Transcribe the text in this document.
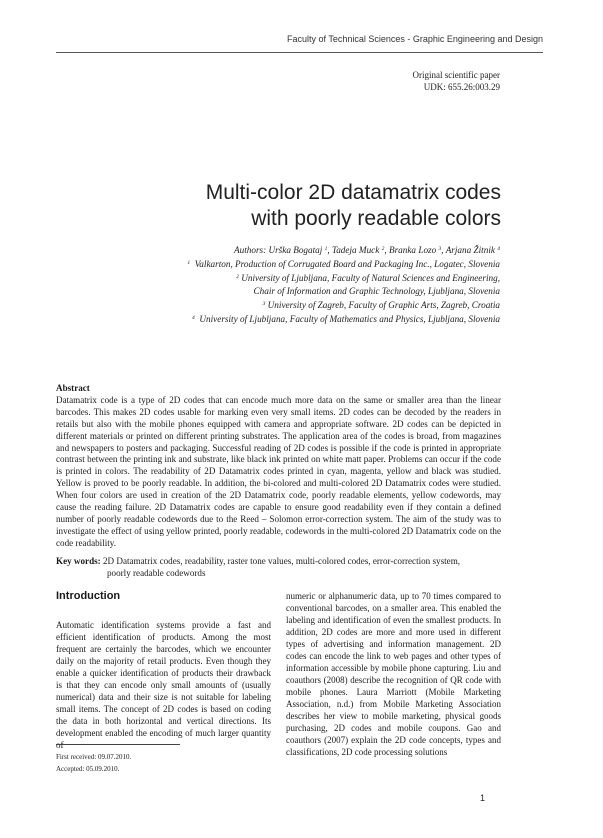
Faculty of Technical Sciences - Graphic Engineering and Design
Original scientific paper
UDK: 655.26:003.29
Multi-color 2D datamatrix codes
with poorly readable colors
Authors: Urška Bogataj $^1$, Tadeja Muck $^2$, Branka Lozo $^3$, Arjana Žitnik $^4$
$^1$ Valkarton, Production of Corrugated Board and Packaging Inc., Logatec, Slovenia
$^2$ University of Ljubljana, Faculty of Natural Sciences and Engineering,
Chair of Information and Graphic Technology, Ljubljana, Slovenia
$^3$ University of Zagreb, Faculty of Graphic Arts, Zagreb, Croatia
$^4$ University of Ljubljana, Faculty of Mathematics and Physics, Ljubljana, Slovenia
Abstract
Datamatrix code is a type of 2D codes that can encode much more data on the same or smaller area than the linear barcodes. This makes 2D codes usable for marking even very small items. 2D codes can be decoded by the readers in retails but also with the mobile phones equipped with camera and appropriate software. 2D codes can be depicted in different materials or printed on different printing substrates. The application area of the codes is broad, from magazines and newspapers to posters and packaging. Successful reading of 2D codes is possible if the code is printed in appropriate contrast between the printing ink and substrate, like black ink printed on white matt paper. Problems can occur if the code is printed in colors. The readability of 2D Datamatrix codes printed in cyan, magenta, yellow and black was studied. Yellow is proved to be poorly readable. In addition, the bi-colored and multi-colored 2D Datamatrix codes were studied. When four colors are used in creation of the 2D Datamatrix code, poorly readable elements, yellow codewords, may cause the reading failure. 2D Datamatrix codes are capable to ensure good readability even if they contain a defined number of poorly readable codewords due to the Reed – Solomon error-correction system. The aim of the study was to investigate the effect of using yellow printed, poorly readable, codewords in the multi-colored 2D Datamatrix code on the code readability.
Key words: 2D Datamatrix codes, readability, raster tone values, multi-colored codes, error-correction system,
poorly readable codewords
Introduction

Automatic identification systems provide a fast and efficient identification of products. Among the most frequent are certainly the barcodes, which we encounter daily on the majority of retail products. Even though they enable a quicker identification of products their drawback is that they can encode only small amounts of (usually numerical) data and their size is not suitable for labeling small items. The concept of 2D codes is based on coding the data in both horizontal and vertical directions. Its development enabled the encoding of much larger quantity of

numeric or alphanumeric data, up to 70 times compared to conventional barcodes, on a smaller area. This enabled the labeling and identification of even the smallest products. In addition, 2D codes are more and more used in different types of advertising and information management. 2D codes can encode the link to web pages and other types of information accessible by mobile phone capturing. Liu and coauthors (2008) describe the recognition of QR code with mobile phones. Laura Marriott (Mobile Marketing Association, n.d.) from Mobile Marketing Association describes her view to mobile marketing, physical goods purchasing, 2D codes and mobile coupons. Gao and coauthors (2007) explain the 2D code concepts, types and classifications, 2D code processing solutions

First received: 09.07.2010.
Accepted: 05.09.2010.
1
